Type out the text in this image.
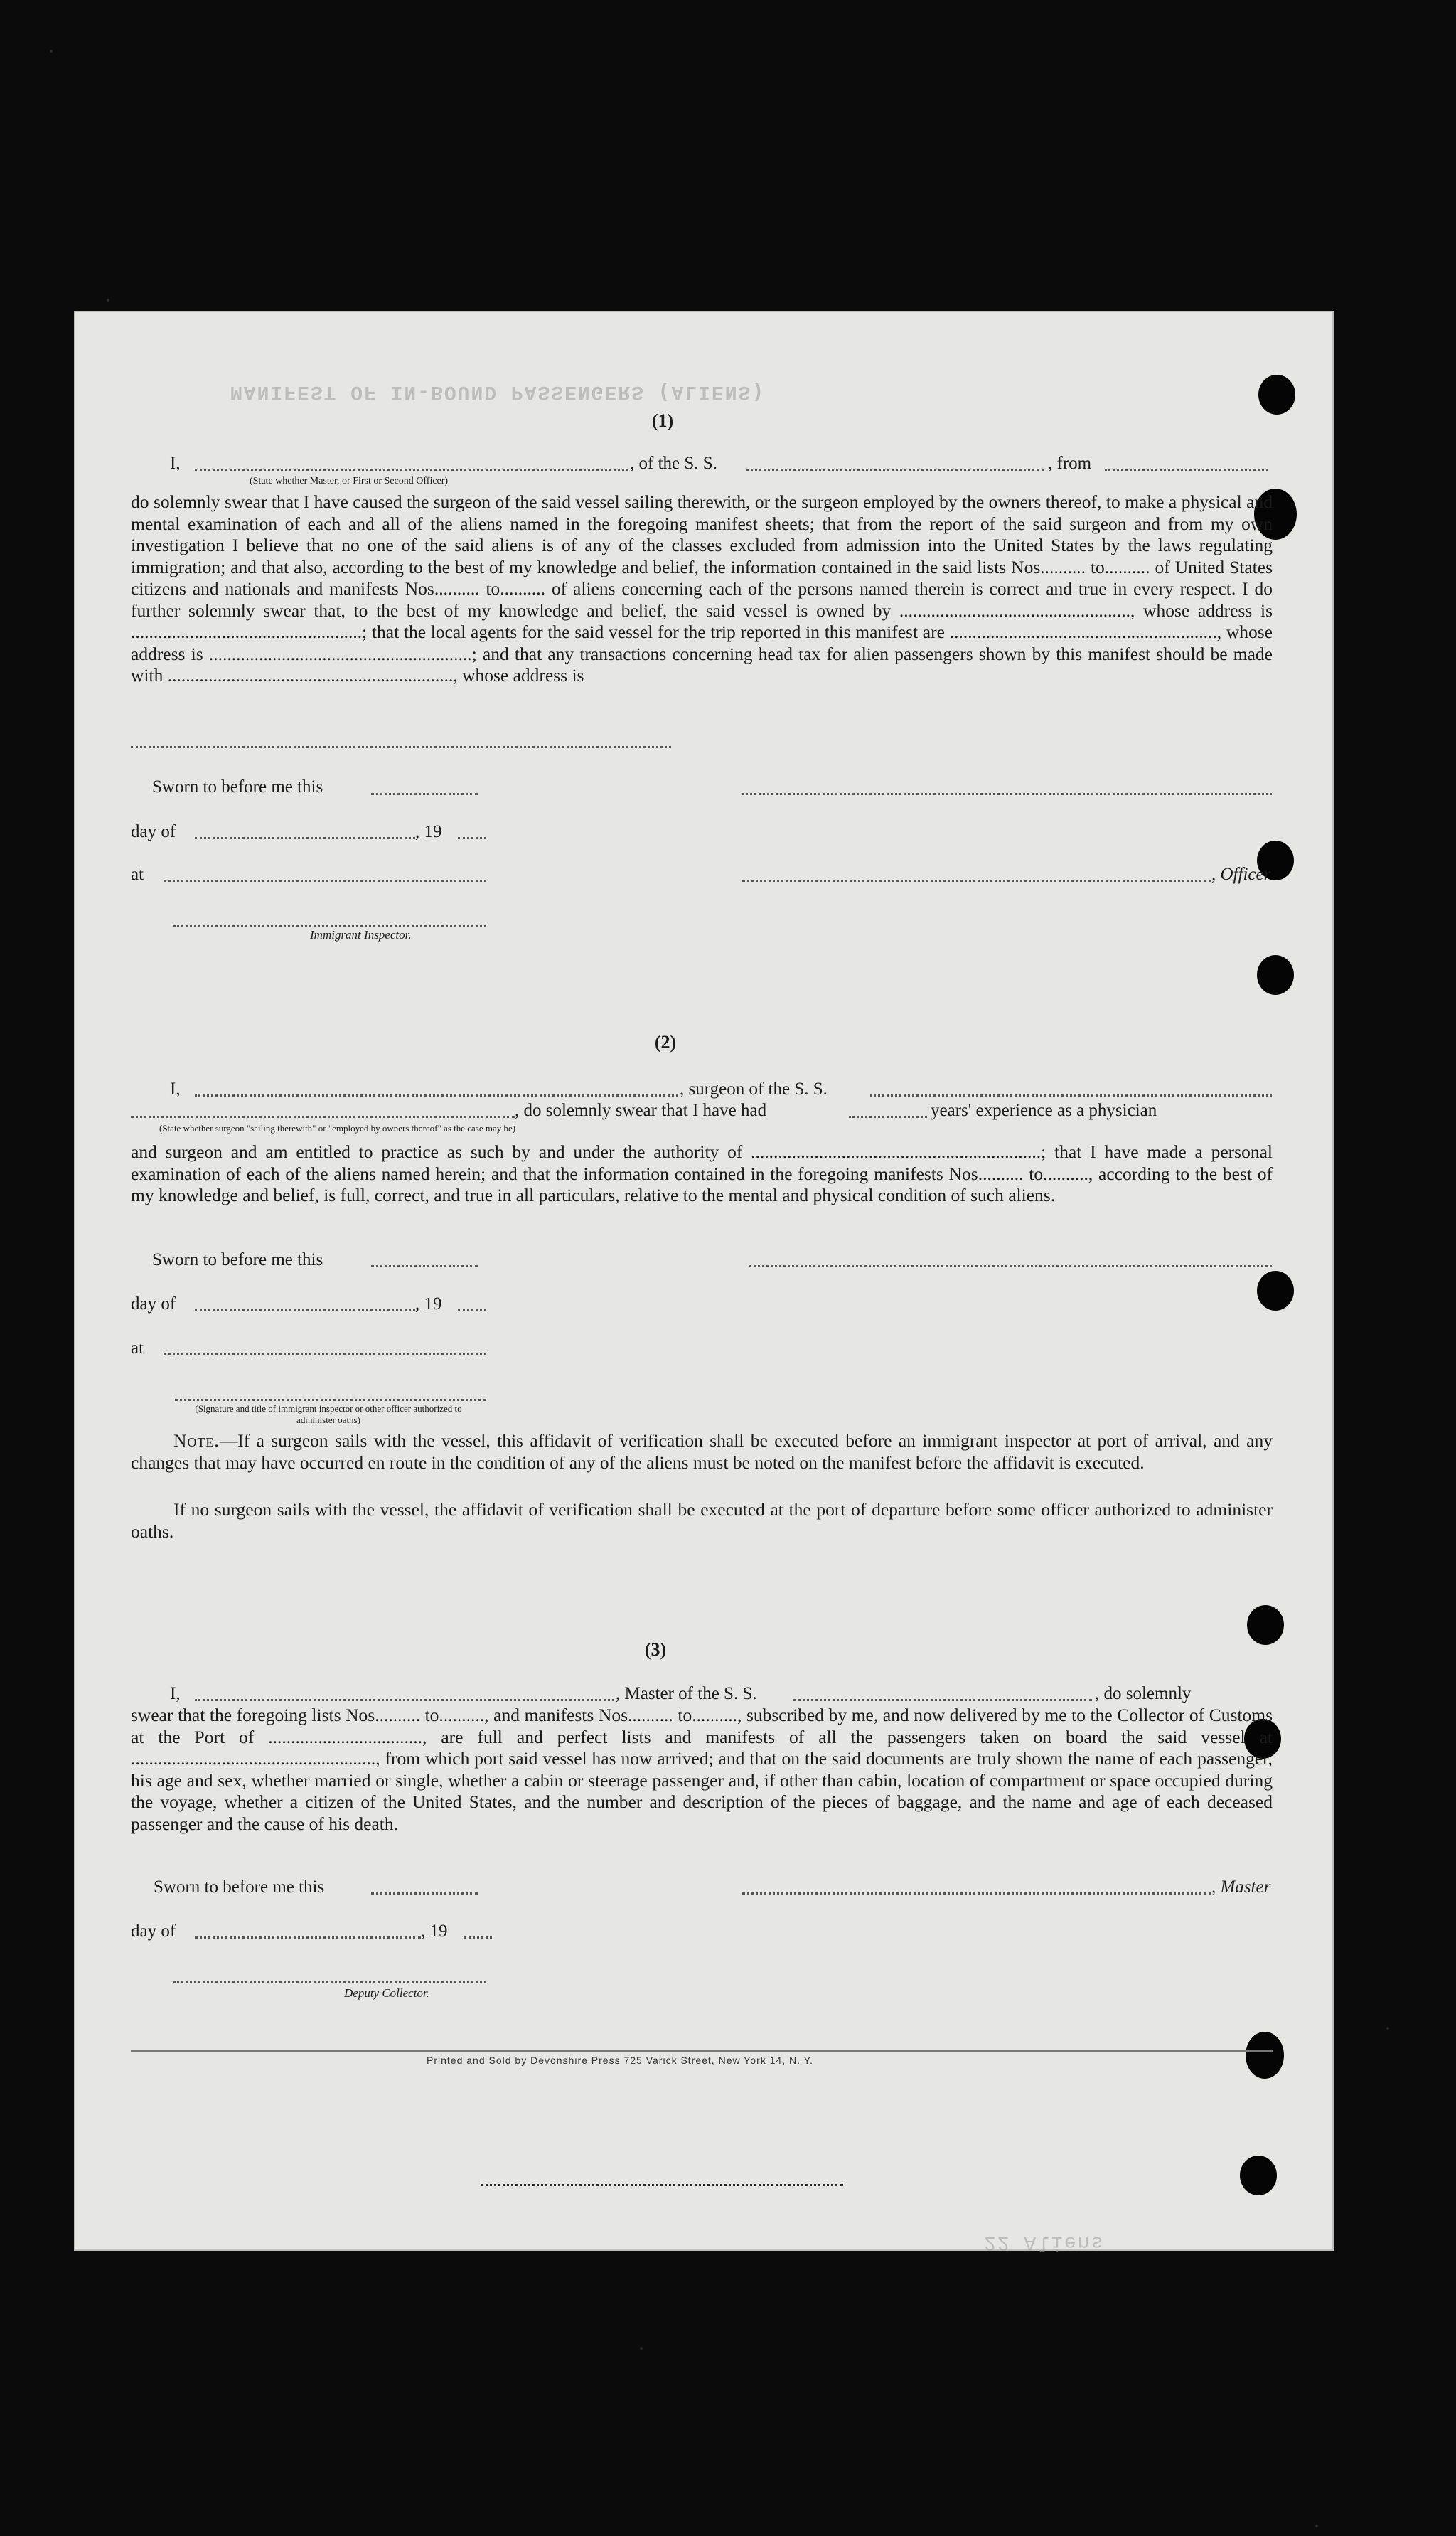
MANIFEST OF IN-BOUND PASSENGERS (ALIENS)
22 Aliens
(1)
I,	, of the S. S.	, from
(State whether Master, or First or Second Officer)
do solemnly swear that I have caused the surgeon of the said vessel sailing therewith, or the surgeon employed by the owners thereof, to make a physical and mental examination of each and all of the aliens named in the foregoing manifest sheets; that from the report of the said surgeon and from my own investigation I believe that no one of the said aliens is of any of the classes excluded from admission into the United States by the laws regulating immigration; and that also, according to the best of my knowledge and belief, the information contained in the said lists Nos.......... to.......... of United States citizens and nationals and manifests Nos.......... to.......... of aliens concerning each of the persons named therein is correct and true in every respect. I do further solemnly swear that, to the best of my knowledge and belief, the said vessel is owned by ..................................................., whose address is ...................................................; that the local agents for the said vessel for the trip reported in this manifest are ..........................................................., whose address is ..........................................................; and that any transactions concerning head tax for alien passengers shown by this manifest should be made with ..............................................................., whose address is
Sworn to before me this
day of	, 19
at	, Officer
Immigrant Inspector.
(2)
I,	, surgeon of the S. S.
, do solemnly swear that I have had	years' experience as a physician
(State whether surgeon "sailing therewith" or "employed by owners thereof" as the case may be)
and surgeon and am entitled to practice as such by and under the authority of ................................................................; that I have made a personal examination of each of the aliens named herein; and that the information contained in the foregoing manifests Nos.......... to.........., according to the best of my knowledge and belief, is full, correct, and true in all particulars, relative to the mental and physical condition of such aliens.
Sworn to before me this
day of	, 19
at
(Signature and title of immigrant inspector or other officer authorized to administer oaths)
Note.—If a surgeon sails with the vessel, this affidavit of verification shall be executed before an immigrant inspector at port of arrival, and any changes that may have occurred en route in the condition of any of the aliens must be noted on the manifest before the affidavit is executed.
If no surgeon sails with the vessel, the affidavit of verification shall be executed at the port of departure before some officer authorized to administer oaths.
(3)
I,	, Master of the S. S.	, do solemnly
swear that the foregoing lists Nos.......... to.........., and manifests Nos.......... to.........., subscribed by me, and now delivered by me to the Collector of Customs at the Port of .................................., are full and perfect lists and manifests of all the passengers taken on board the said vessel at ......................................................, from which port said vessel has now arrived; and that on the said documents are truly shown the name of each passenger, his age and sex, whether married or single, whether a cabin or steerage passenger and, if other than cabin, location of compartment or space occupied during the voyage, whether a citizen of the United States, and the number and description of the pieces of baggage, and the name and age of each deceased passenger and the cause of his death.
Sworn to before me this	, Master
day of	, 19
Deputy Collector.
Printed and Sold by Devonshire Press 725 Varick Street, New York 14, N. Y.
